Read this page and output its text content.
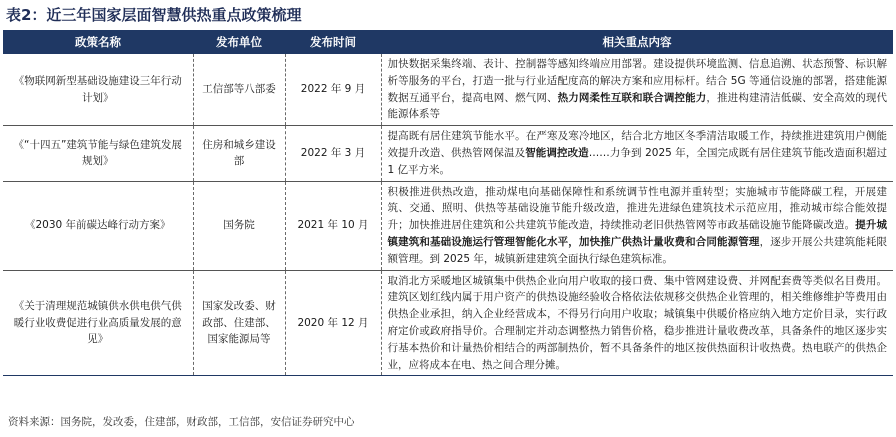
表2：近三年国家层面智慧供热重点政策梳理
政策名称	发布单位	发布时间	相关重点内容
《物联网新型基础设施建设三年行动计划》	工信部等八部委	2022 年 9 月	加快数据采集终端、表计、控制器等感知终端应用部署。建设提供环境监测、信息追溯、状态预警、标识解析等服务的平台，打造一批与行业适配度高的解决方案和应用标杆。结合 5G 等通信设施的部署，搭建能源数据互通平台，提高电网、燃气网、热力网柔性互联和联合调控能力，推进构建清洁低碳、安全高效的现代能源体系等
《“十四五”建筑节能与绿色建筑发展规划》	住房和城乡建设部	2022 年 3 月	提高既有居住建筑节能水平。在严寒及寒冷地区，结合北方地区冬季清洁取暖工作，持续推进建筑用户侧能效提升改造、供热管网保温及智能调控改造……力争到 2025 年，全国完成既有居住建筑节能改造面积超过 1 亿平方米。
《2030 年前碳达峰行动方案》	国务院	2021 年 10 月	积极推进供热改造，推动煤电向基础保障性和系统调节性电源并重转型；实施城市节能降碳工程，开展建筑、交通、照明、供热等基础设施节能升级改造，推进先进绿色建筑技术示范应用，推动城市综合能效提升；加快推进居住建筑和公共建筑节能改造，持续推动老旧供热管网等市政基础设施节能降碳改造。提升城镇建筑和基础设施运行管理智能化水平，加快推广供热计量收费和合同能源管理，逐步开展公共建筑能耗限额管理。到 2025 年，城镇新建建筑全面执行绿色建筑标准。
《关于清理规范城镇供水供电供气供暖行业收费促进行业高质量发展的意见》	国家发改委、财政部、住建部、国家能源局等	2020 年 12 月	取消北方采暖地区城镇集中供热企业向用户收取的接口费、集中管网建设费、并网配套费等类似名目费用。建筑区划红线内属于用户资产的供热设施经验收合格依法依规移交供热企业管理的，相关维修维护等费用由供热企业承担，纳入企业经营成本，不得另行向用户收取；城镇集中供暖价格应纳入地方定价目录，实行政府定价或政府指导价。合理制定并动态调整热力销售价格，稳步推进计量收费改革，具备条件的地区逐步实行基本热价和计量热价相结合的两部制热价，暂不具备条件的地区按供热面积计收热费。热电联产的供热企业，应将成本在电、热之间合理分摊。
资料来源：国务院，发改委，住建部，财政部，工信部，安信证券研究中心
